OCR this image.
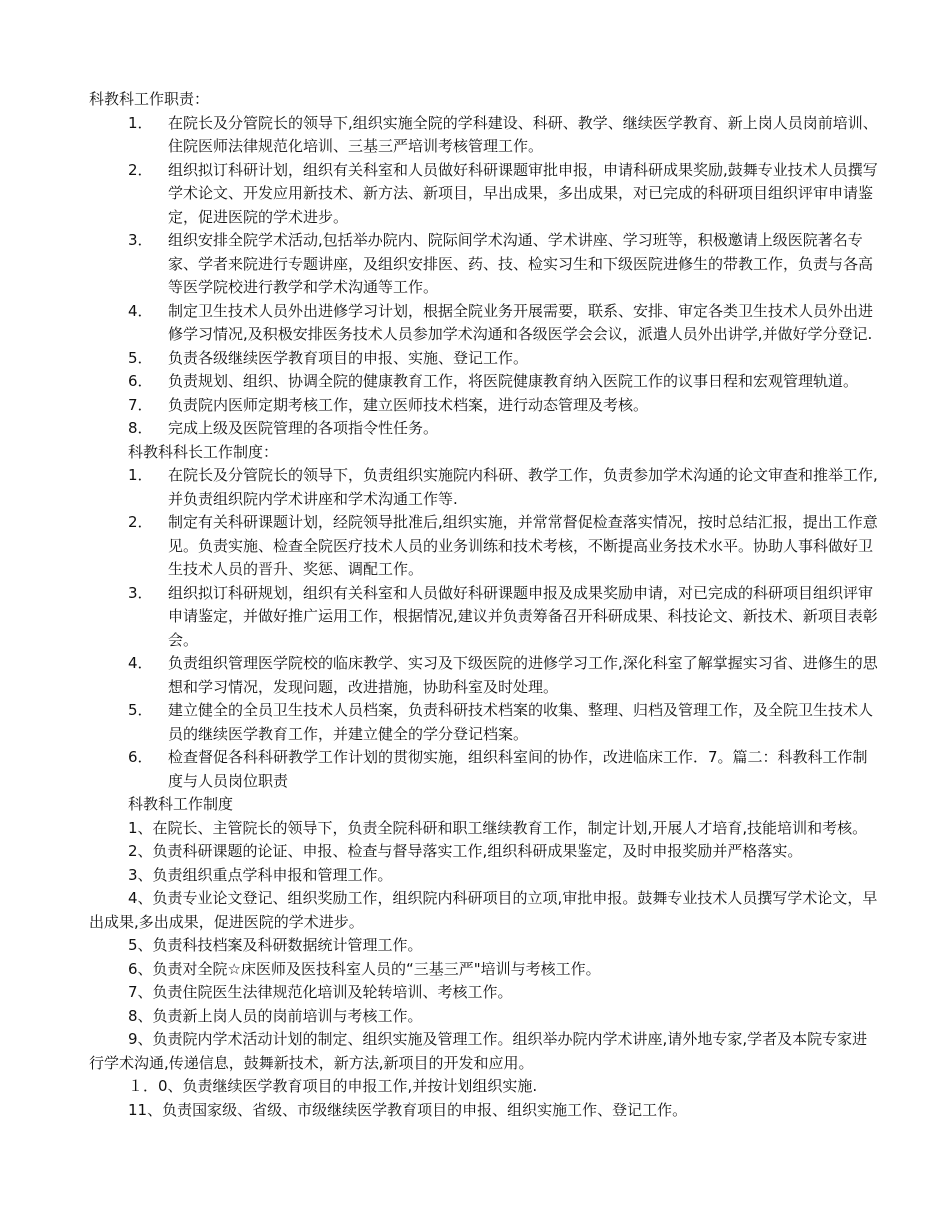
科教科工作职责：

1．	在院长及分管院长的领导下,组织实施全院的学科建设、科研、教学、继续医学教育、新上岗人员岗前培训、住院医师法律规范化培训、三基三严培训考核管理工作。
2．	组织拟订科研计划，组织有关科室和人员做好科研课题审批申报，申请科研成果奖励,鼓舞专业技术人员撰写学术论文、开发应用新技术、新方法、新项目，早出成果，多出成果，对已完成的科研项目组织评审申请鉴定，促进医院的学术进步。
3．	组织安排全院学术活动,包括举办院内、院际间学术沟通、学术讲座、学习班等，积极邀请上级医院著名专家、学者来院进行专题讲座，及组织安排医、药、技、检实习生和下级医院进修生的带教工作，负责与各高等医学院校进行教学和学术沟通等工作。
4．	制定卫生技术人员外出进修学习计划，根据全院业务开展需要，联系、安排、审定各类卫生技术人员外出进修学习情况,及积极安排医务技术人员参加学术沟通和各级医学会会议，派遣人员外出讲学,并做好学分登记.
5．	负责各级继续医学教育项目的申报、实施、登记工作。
6．	负责规划、组织、协调全院的健康教育工作，将医院健康教育纳入医院工作的议事日程和宏观管理轨道。
7．	负责院内医师定期考核工作，建立医师技术档案，进行动态管理及考核。
8．	完成上级及医院管理的各项指令性任务。

科教科科长工作制度：

1．	在院长及分管院长的领导下，负责组织实施院内科研、教学工作，负责参加学术沟通的论文审查和推举工作,并负责组织院内学术讲座和学术沟通工作等.
2．	制定有关科研课题计划，经院领导批准后,组织实施，并常常督促检查落实情况，按时总结汇报，提出工作意见。负责实施、检查全院医疗技术人员的业务训练和技术考核，不断提高业务技术水平。协助人事科做好卫生技术人员的晋升、奖惩、调配工作。
3．	组织拟订科研规划，组织有关科室和人员做好科研课题申报及成果奖励申请，对已完成的科研项目组织评审申请鉴定，并做好推广运用工作，根据情况,建议并负责筹备召开科研成果、科技论文、新技术、新项目表彰会。
4．	负责组织管理医学院校的临床教学、实习及下级医院的进修学习工作,深化科室了解掌握实习省、进修生的思想和学习情况，发现问题，改进措施，协助科室及时处理。
5．	建立健全的全员卫生技术人员档案，负责科研技术档案的收集、整理、归档及管理工作，及全院卫生技术人员的继续医学教育工作，并建立健全的学分登记档案。
6．	检查督促各科科研教学工作计划的贯彻实施，组织科室间的协作，改进临床工作．7。篇二：科教科工作制度与人员岗位职责

科教科工作制度

1、在院长、主管院长的领导下，负责全院科研和职工继续教育工作，制定计划,开展人才培育,技能培训和考核。

2、负责科研课题的论证、申报、检查与督导落实工作,组织科研成果鉴定，及时申报奖励并严格落实。

3、负责组织重点学科申报和管理工作。

4、负责专业论文登记、组织奖励工作，组织院内科研项目的立项,审批申报。鼓舞专业技术人员撰写学术论文，早出成果,多出成果，促进医院的学术进步。

5、负责科技档案及科研数据统计管理工作。

6、负责对全院☆床医师及医技科室人员的“三基三严"培训与考核工作。

7、负责住院医生法律规范化培训及轮转培训、考核工作。

8、负责新上岗人员的岗前培训与考核工作。

9、负责院内学术活动计划的制定、组织实施及管理工作。组织举办院内学术讲座,请外地专家,学者及本院专家进行学术沟通,传递信息，鼓舞新技术，新方法,新项目的开发和应用。

１．0、负责继续医学教育项目的申报工作,并按计划组织实施.

11、负责国家级、省级、市级继续医学教育项目的申报、组织实施工作、登记工作。
